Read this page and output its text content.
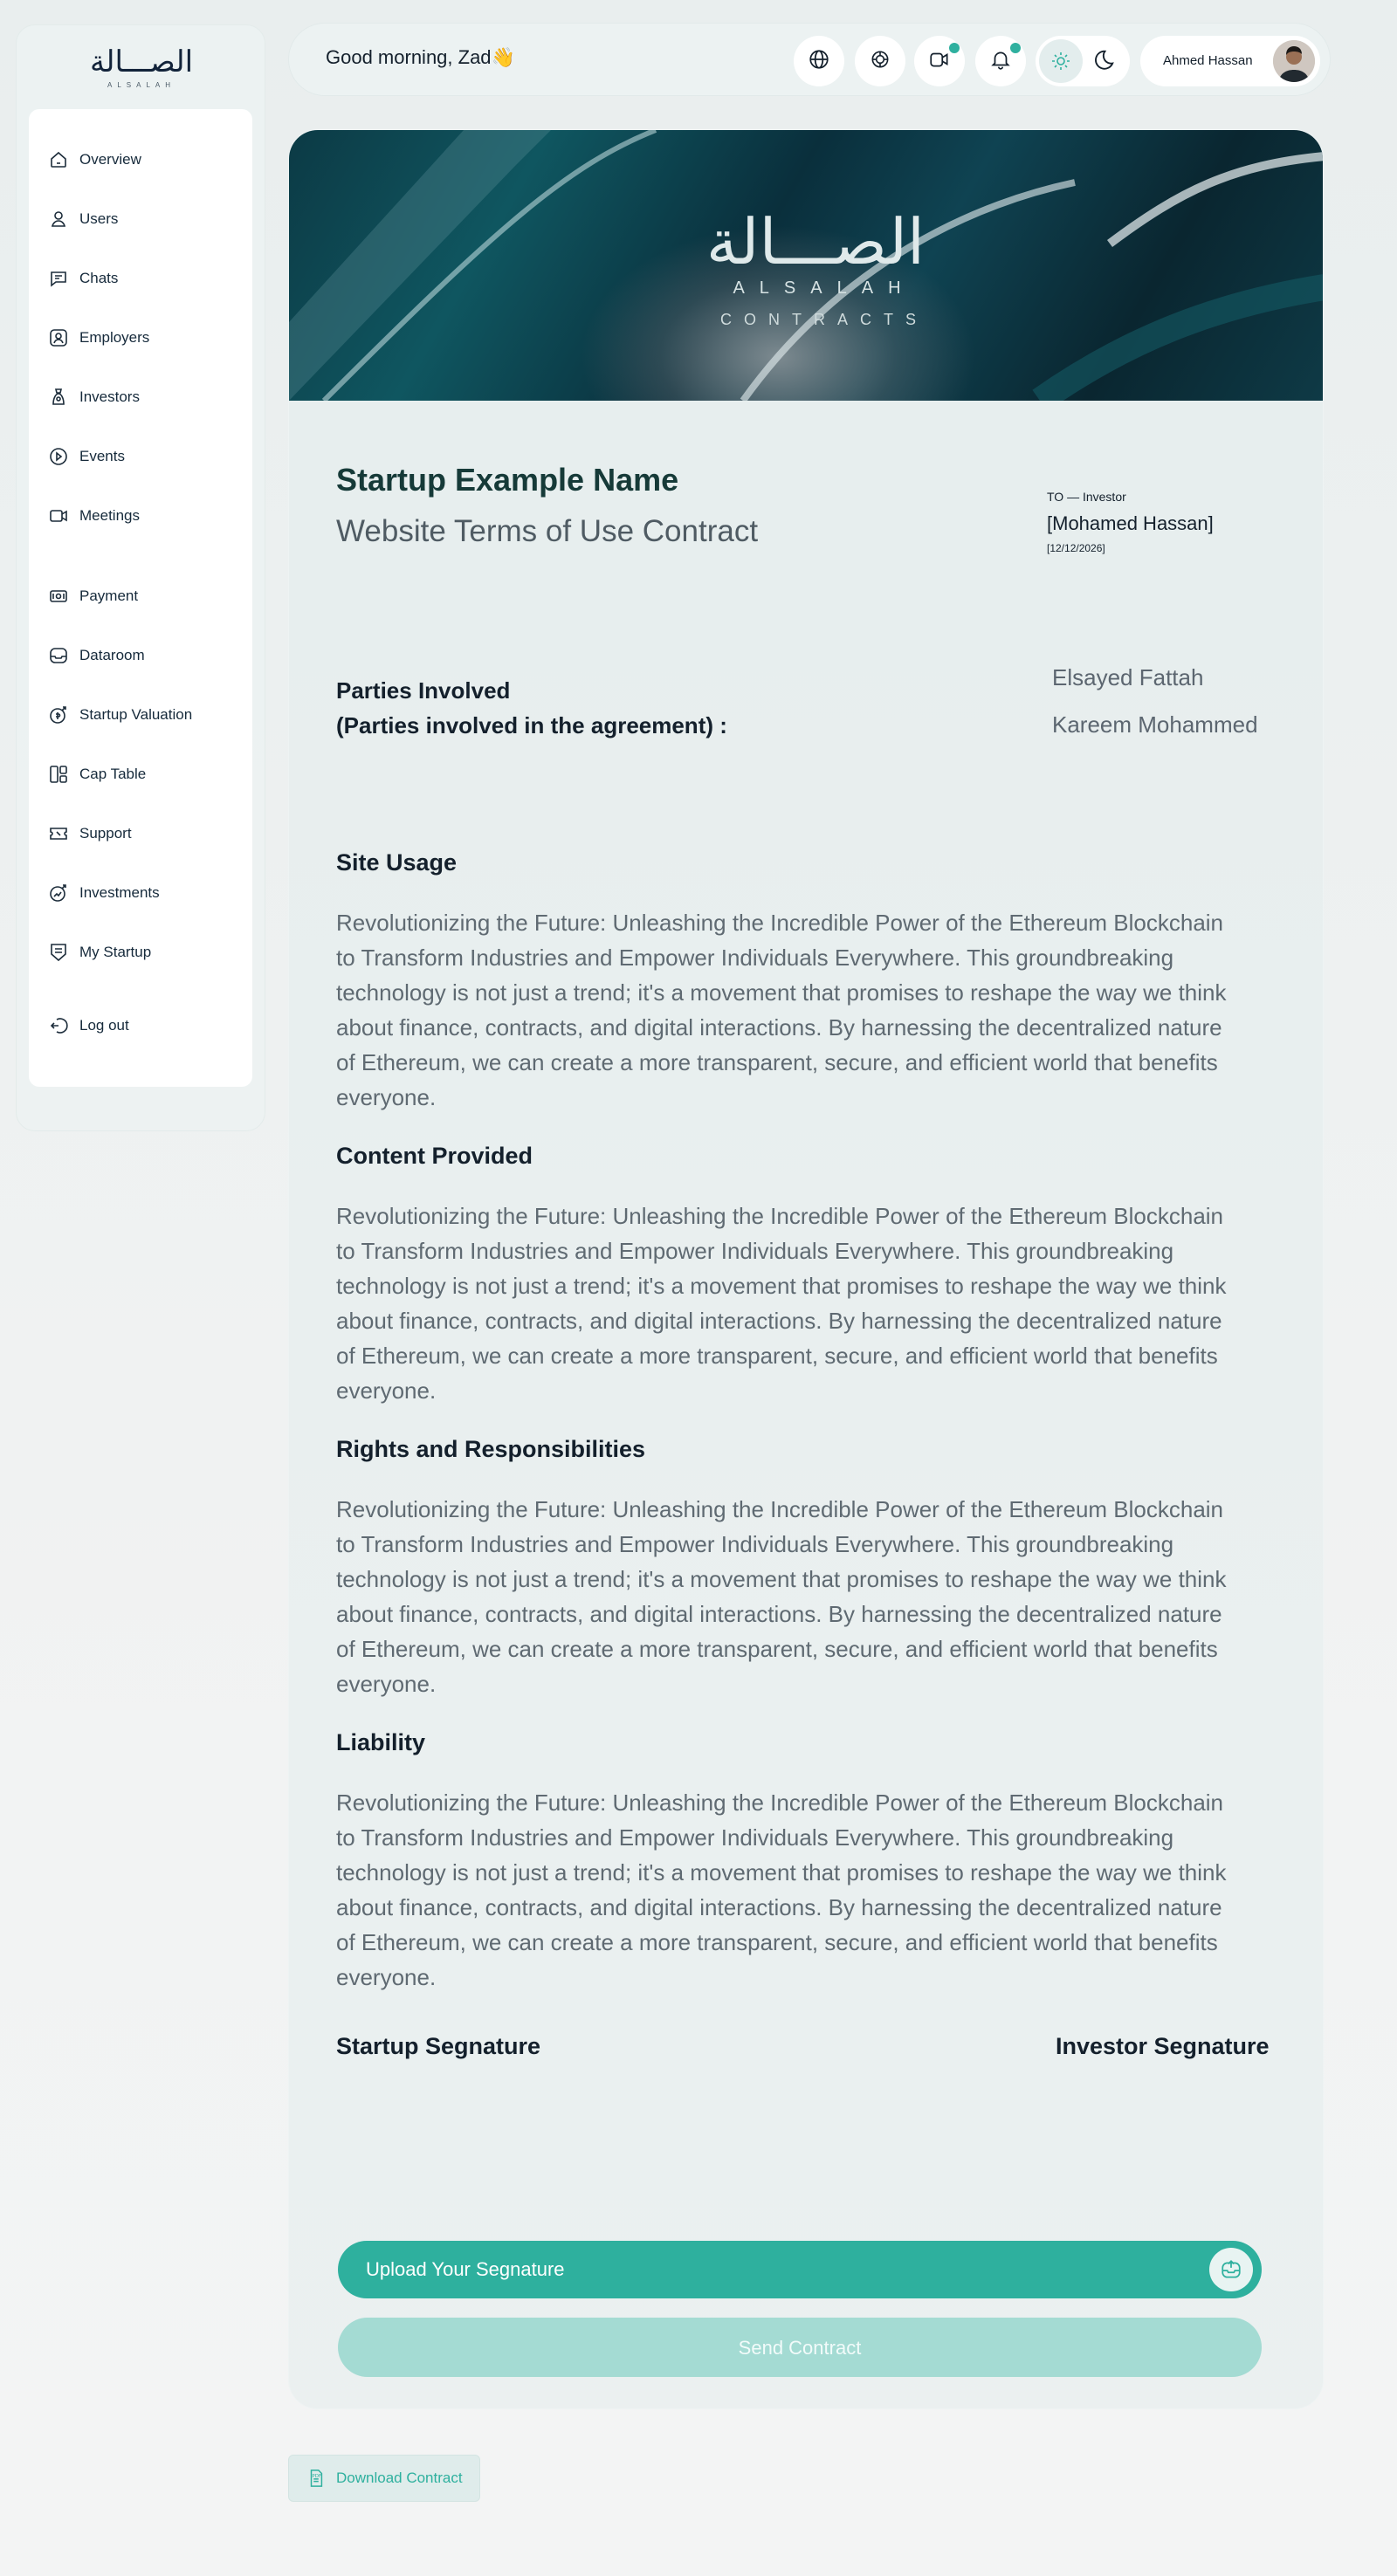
الصـــالة
ALSALAH
Overview
Users
Chats
Employers
Investors
Events
Meetings
Payment
Dataroom
Startup Valuation
Cap Table
Support
Investments
My Startup
Log out
Good morning, Zad👋	Ahmed Hassan
الصـــالة
ALSALAH
CONTRACTS
Startup Example Name
Website Terms of Use Contract
TO — Investor
[Mohamed Hassan]
[12/12/2026]
Parties Involved
(Parties involved in the agreement) :
Elsayed Fattah
Kareem Mohammed
Site Usage
Revolutionizing the Future: Unleashing the Incredible Power of the Ethereum Blockchain to Transform Industries and Empower Individuals Everywhere. This groundbreaking technology is not just a trend; it's a movement that promises to reshape the way we think about finance, contracts, and digital interactions. By harnessing the decentralized nature of Ethereum, we can create a more transparent, secure, and efficient world that benefits everyone.
Content Provided
Revolutionizing the Future: Unleashing the Incredible Power of the Ethereum Blockchain to Transform Industries and Empower Individuals Everywhere. This groundbreaking technology is not just a trend; it's a movement that promises to reshape the way we think about finance, contracts, and digital interactions. By harnessing the decentralized nature of Ethereum, we can create a more transparent, secure, and efficient world that benefits everyone.
Rights and Responsibilities
Revolutionizing the Future: Unleashing the Incredible Power of the Ethereum Blockchain to Transform Industries and Empower Individuals Everywhere. This groundbreaking technology is not just a trend; it's a movement that promises to reshape the way we think about finance, contracts, and digital interactions. By harnessing the decentralized nature of Ethereum, we can create a more transparent, secure, and efficient world that benefits everyone.
Liability
Revolutionizing the Future: Unleashing the Incredible Power of the Ethereum Blockchain to Transform Industries and Empower Individuals Everywhere. This groundbreaking technology is not just a trend; it's a movement that promises to reshape the way we think about finance, contracts, and digital interactions. By harnessing the decentralized nature of Ethereum, we can create a more transparent, secure, and efficient world that benefits everyone.
Startup Segnature	Investor Segnature
Upload Your Segnature
Send Contract
PDF Download Contract
